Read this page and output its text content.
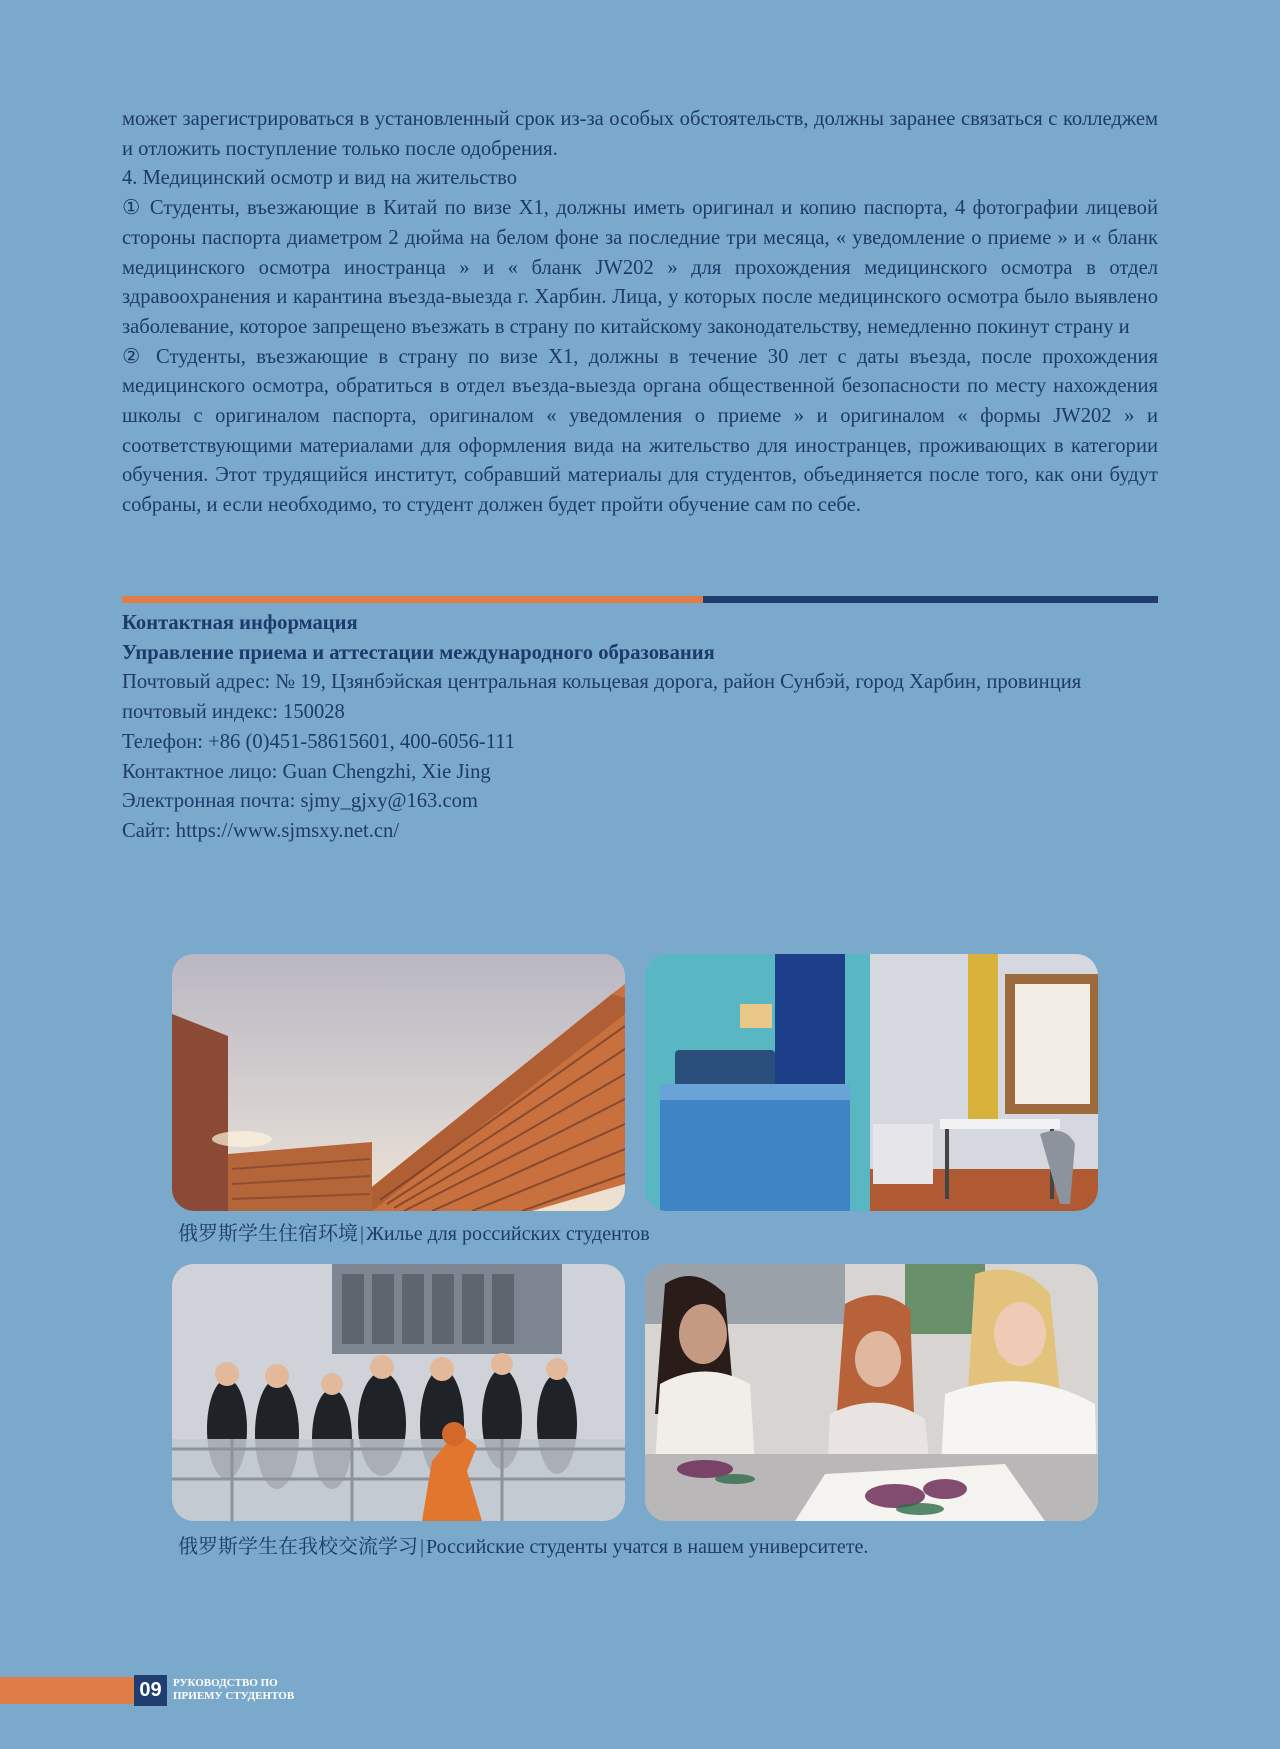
может зарегистрироваться в установленный срок из-за особых обстоятельств, должны заранее связаться с колледжем и отложить поступление только после одобрения.

4. Медицинский осмотр и вид на жительство

① Студенты, въезжающие в Китай по визе X1, должны иметь оригинал и копию паспорта, 4 фотографии лицевой стороны паспорта диаметром 2 дюйма на белом фоне за последние три месяца, « уведомление о приеме » и « бланк медицинского осмотра иностранца » и « бланк JW202 » для прохождения медицинского осмотра в отдел здравоохранения и карантина въезда-выезда г. Харбин. Лица, у которых после медицинского осмотра было выявлено заболевание, которое запрещено въезжать в страну по китайскому законодательству, немедленно покинут страну и

② Студенты, въезжающие в страну по визе X1, должны в течение 30 лет с даты въезда, после прохождения медицинского осмотра, обратиться в отдел въезда-выезда органа общественной безопасности по месту нахождения школы с оригиналом паспорта, оригиналом « уведомления о приеме » и оригиналом « формы JW202 » и соответствующими материалами для оформления вида на жительство для иностранцев, проживающих в категории обучения. Этот трудящийся институт, собравший материалы для студентов, объединяется после того, как они будут собраны, и если необходимо, то студент должен будет пройти обучение сам по себе.

Контактная информация

Управление приема и аттестации международного образования

Почтовый адрес: № 19, Цзянбэйская центральная кольцевая дорога, район Сунбэй, город Харбин, провинция

почтовый индекс: 150028

Телефон: +86 (0)451-58615601, 400-6056-111

Контактное лицо: Guan Chengzhi, Xie Jing

Электронная почта: sjmy_gjxy@163.com

Сайт: https://www.sjmsxy.net.cn/

俄罗斯学生住宿环境 | Жилье для российских студентов
俄罗斯学生在我校交流学习 | Российские студенты учатся в нашем университете.
09	РУКОВОДСТВО ПО
ПРИЕМУ СТУДЕНТОВ
